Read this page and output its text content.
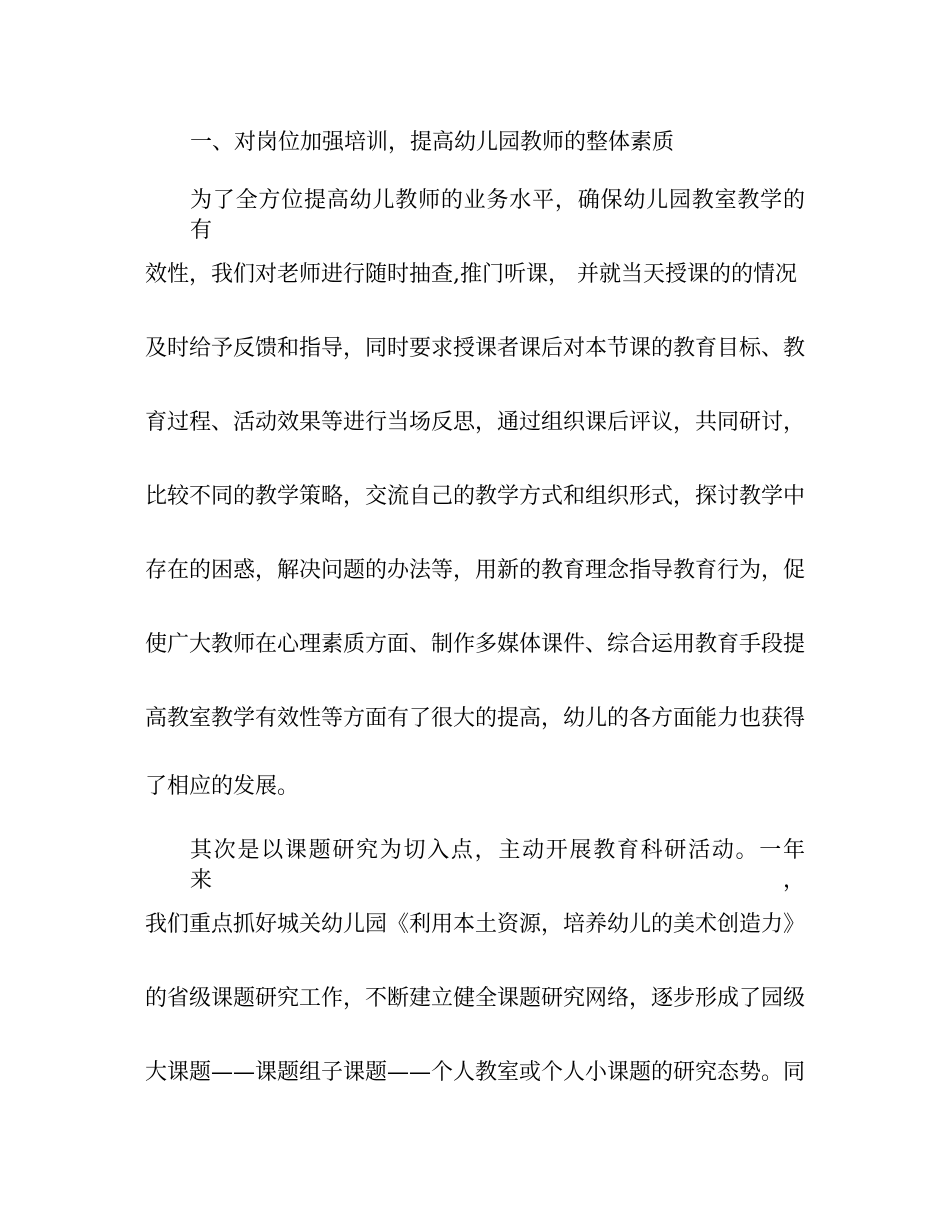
一、对岗位加强培训，提高幼儿园教师的整体素质
为了全方位提高幼儿教师的业务水平，确保幼儿园教室教学的有
效性，我们对老师进行随时抽查,推门听课， 并就当天授课的的情况
及时给予反馈和指导，同时要求授课者课后对本节课的教育目标、教
育过程、活动效果等进行当场反思，通过组织课后评议，共同研讨，
比较不同的教学策略，交流自己的教学方式和组织形式，探讨教学中
存在的困惑，解决问题的办法等，用新的教育理念指导教育行为，促
使广大教师在心理素质方面、制作多媒体课件、综合运用教育手段提
高教室教学有效性等方面有了很大的提高，幼儿的各方面能力也获得
了相应的发展。
其次是以课题研究为切入点，主动开展教育科研活动。一年来，
我们重点抓好城关幼儿园《利用本土资源，培养幼儿的美术创造力》
的省级课题研究工作，不断建立健全课题研究网络，逐步形成了园级
大课题——课题组子课题——个人教室或个人小课题的研究态势。同
